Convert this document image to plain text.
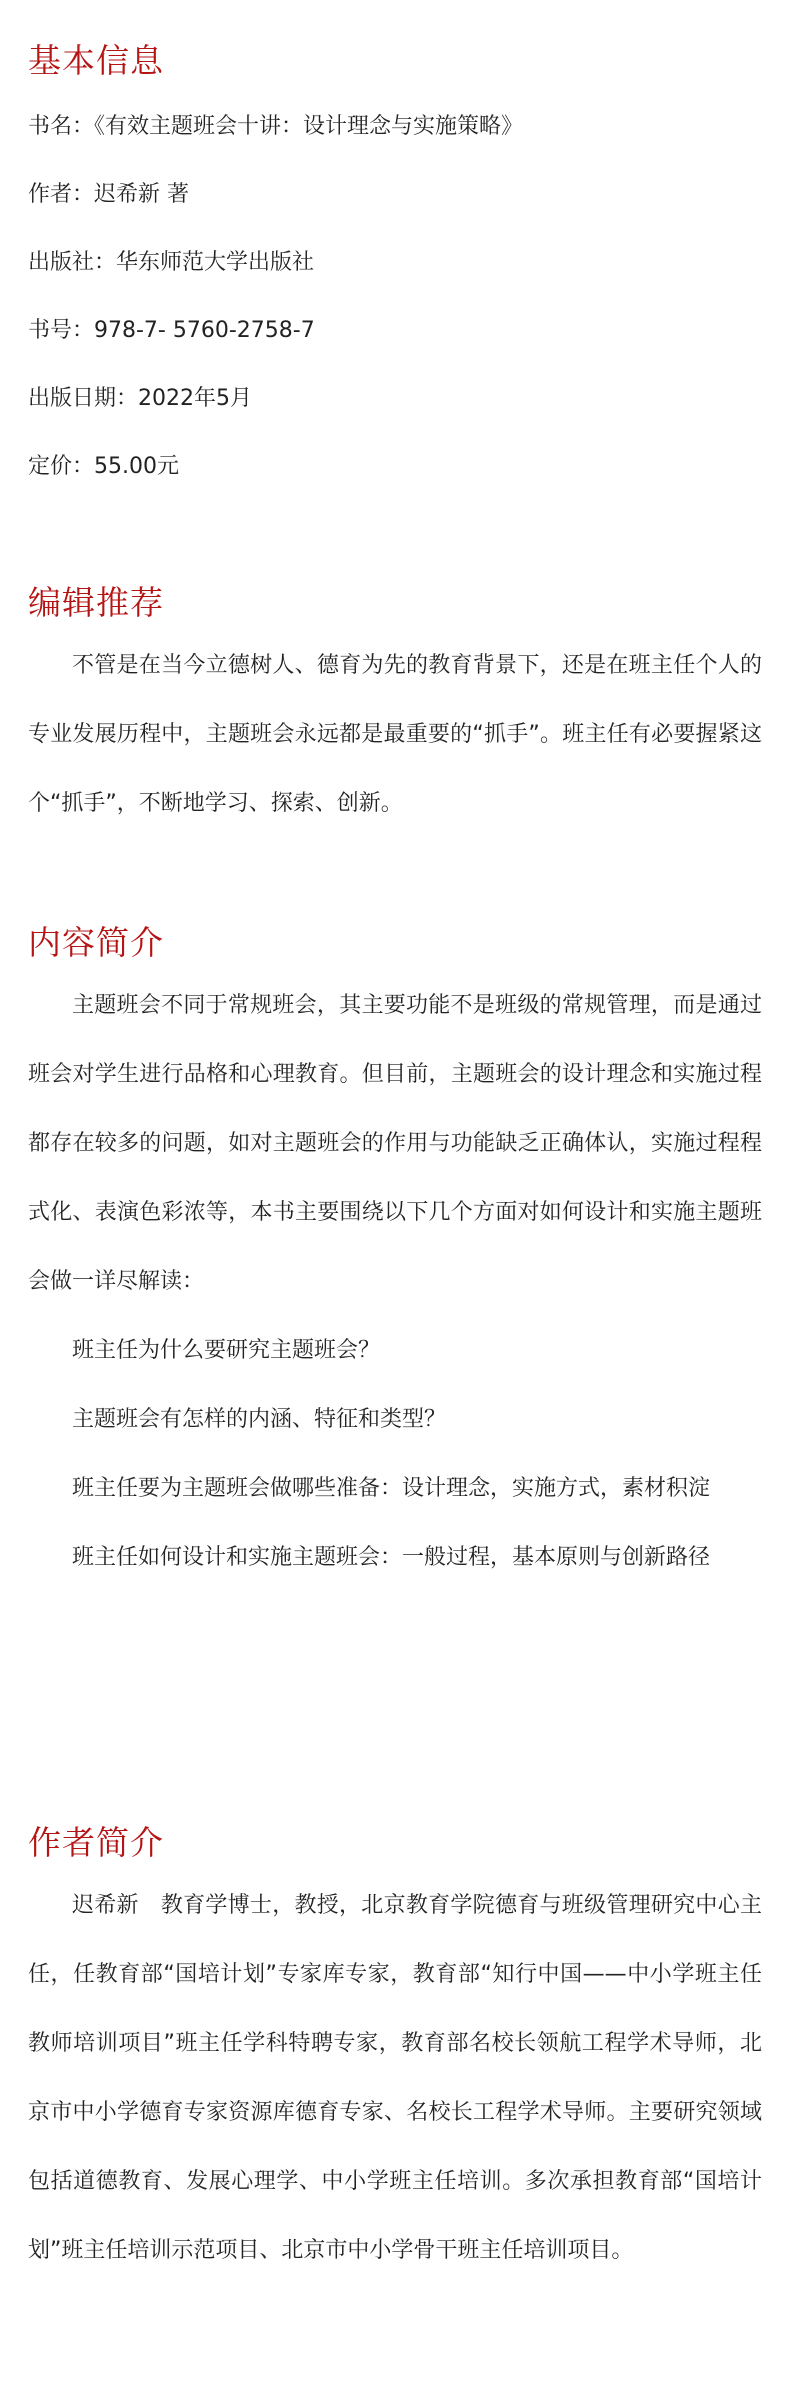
基本信息

书名：《有效主题班会十讲：设计理念与实施策略》

作者：迟希新 著

出版社：华东师范大学出版社

书号：978-7- 5760-2758-7

出版日期：2022年5月

定价：55.00元

编辑推荐

不管是在当今立德树人、德育为先的教育背景下，还是在班主任个人的专业发展历程中，主题班会永远都是最重要的“抓手”。班主任有必要握紧这个“抓手”，不断地学习、探索、创新。

内容简介

主题班会不同于常规班会，其主要功能不是班级的常规管理，而是通过班会对学生进行品格和心理教育。但目前，主题班会的设计理念和实施过程都存在较多的问题，如对主题班会的作用与功能缺乏正确体认，实施过程程式化、表演色彩浓等，本书主要围绕以下几个方面对如何设计和实施主题班会做一详尽解读：

班主任为什么要研究主题班会？

主题班会有怎样的内涵、特征和类型？

班主任要为主题班会做哪些准备：设计理念，实施方式，素材积淀

班主任如何设计和实施主题班会：一般过程，基本原则与创新路径

作者简介

迟希新 教育学博士，教授，北京教育学院德育与班级管理研究中心主任，任教育部“国培计划”专家库专家，教育部“知行中国——中小学班主任教师培训项目”班主任学科特聘专家，教育部名校长领航工程学术导师，北京市中小学德育专家资源库德育专家、名校长工程学术导师。主要研究领域包括道德教育、发展心理学、中小学班主任培训。多次承担教育部“国培计划”班主任培训示范项目、北京市中小学骨干班主任培训项目。
